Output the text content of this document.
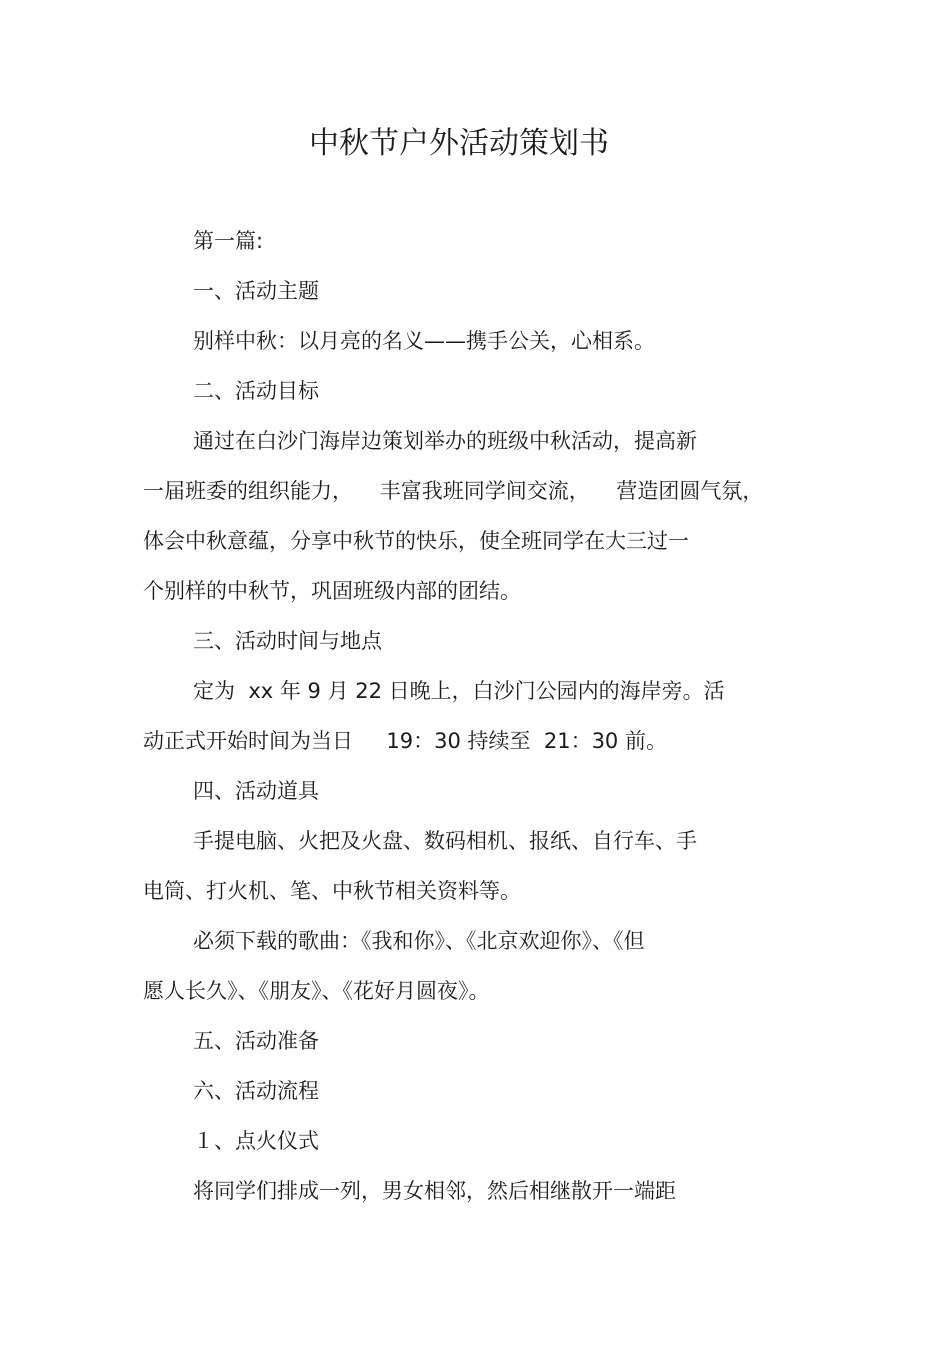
中秋节户外活动策划书
第一篇:
一、活动主题
别样中秋：以月亮的名义——携手公关，心相系。
二、活动目标
通过在白沙门海岸边策划举办的班级中秋活动，提高新
一届班委的组织能力，    丰富我班同学间交流，    营造团圆气氛，
体会中秋意蕴，分享中秋节的快乐，使全班同学在大三过一
个别样的中秋节，巩固班级内部的团结。
三、活动时间与地点
定为  xx 年 9 月 22 日晚上，白沙门公园内的海岸旁。活
动正式开始时间为当日     19：30 持续至  21：30 前。
四、活动道具
手提电脑、火把及火盘、数码相机、报纸、自行车、手
电筒、打火机、笔、中秋节相关资料等。
必须下载的歌曲：《我和你》、《北京欢迎你》、《但
愿人长久》、《朋友》、《花好月圆夜》。
五、活动准备
六、活动流程
１、点火仪式
将同学们排成一列，男女相邻，然后相继散开一端距
